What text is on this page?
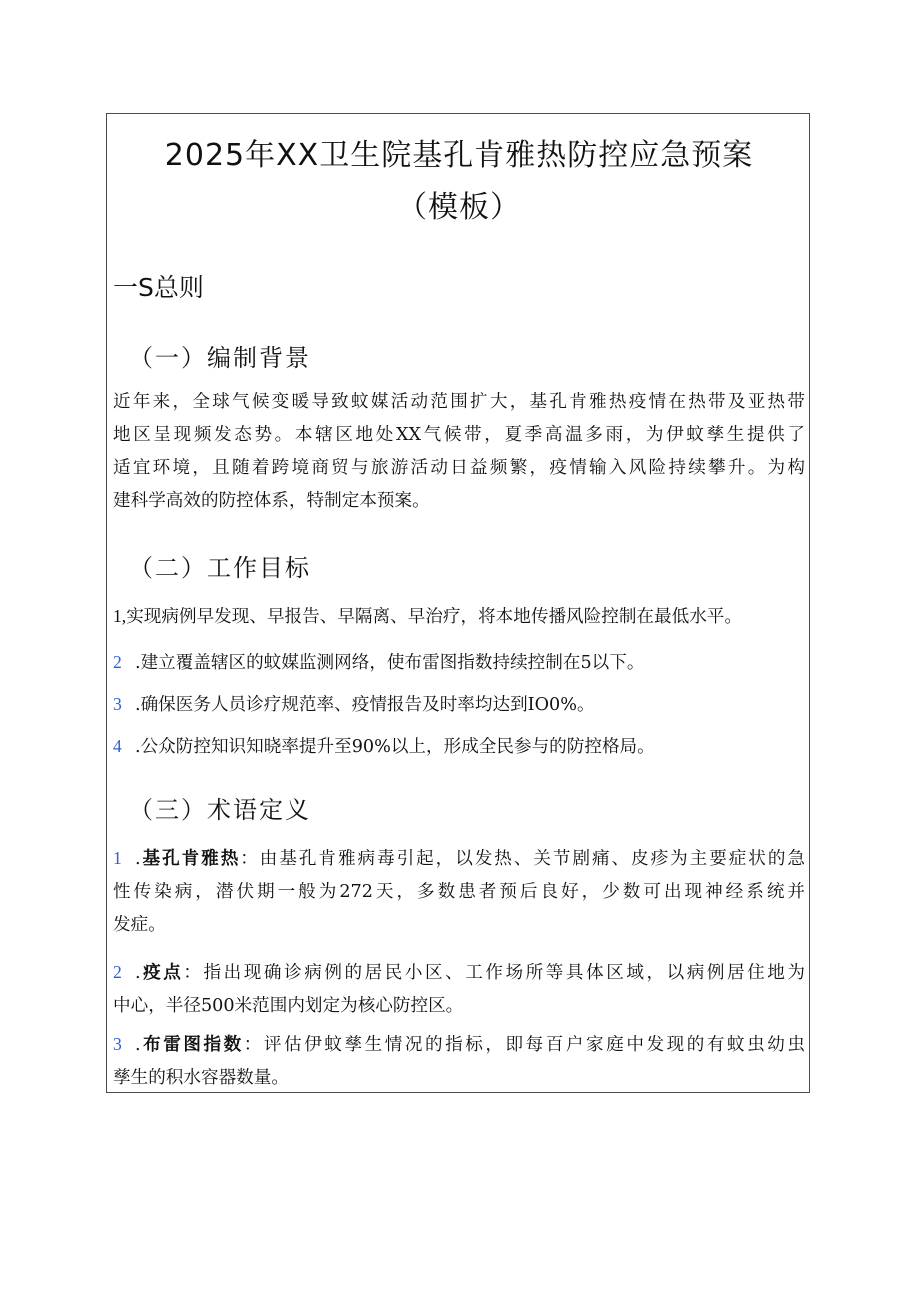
2025年XX卫生院基孔肯雅热防控应急预案
（模板）
一S总则
（一）编制背景

近年来，全球气候变暖导致蚊媒活动范围扩大，基孔肯雅热疫情在热带及亚热带
地区呈现频发态势。本辖区地处XX气候带，夏季高温多雨，为伊蚊孳生提供了
适宜环境，且随着跨境商贸与旅游活动日益频繁，疫情输入风险持续攀升。为构
建科学高效的防控体系，特制定本预案。

（二）工作目标

1,实现病例早发现、早报告、早隔离、早治疗，将本地传播风险控制在最低水平。

2 .建立覆盖辖区的蚊媒监测网络，使布雷图指数持续控制在5以下。

3 .确保医务人员诊疗规范率、疫情报告及时率均达到IO0%。

4 .公众防控知识知晓率提升至90%以上，形成全民参与的防控格局。

（三）术语定义
1 .基孔肯雅热：由基孔肯雅病毒引起，以发热、关节剧痛、皮疹为主要症状的急
性传染病，潜伏期一般为272天，多数患者预后良好，少数可出现神经系统并
发症。
2 .疫点：指出现确诊病例的居民小区、工作场所等具体区域，以病例居住地为
中心，半径500米范围内划定为核心防控区。
3 .布雷图指数：评估伊蚊孳生情况的指标，即每百户家庭中发现的有蚊虫幼虫
孳生的积水容器数量。
